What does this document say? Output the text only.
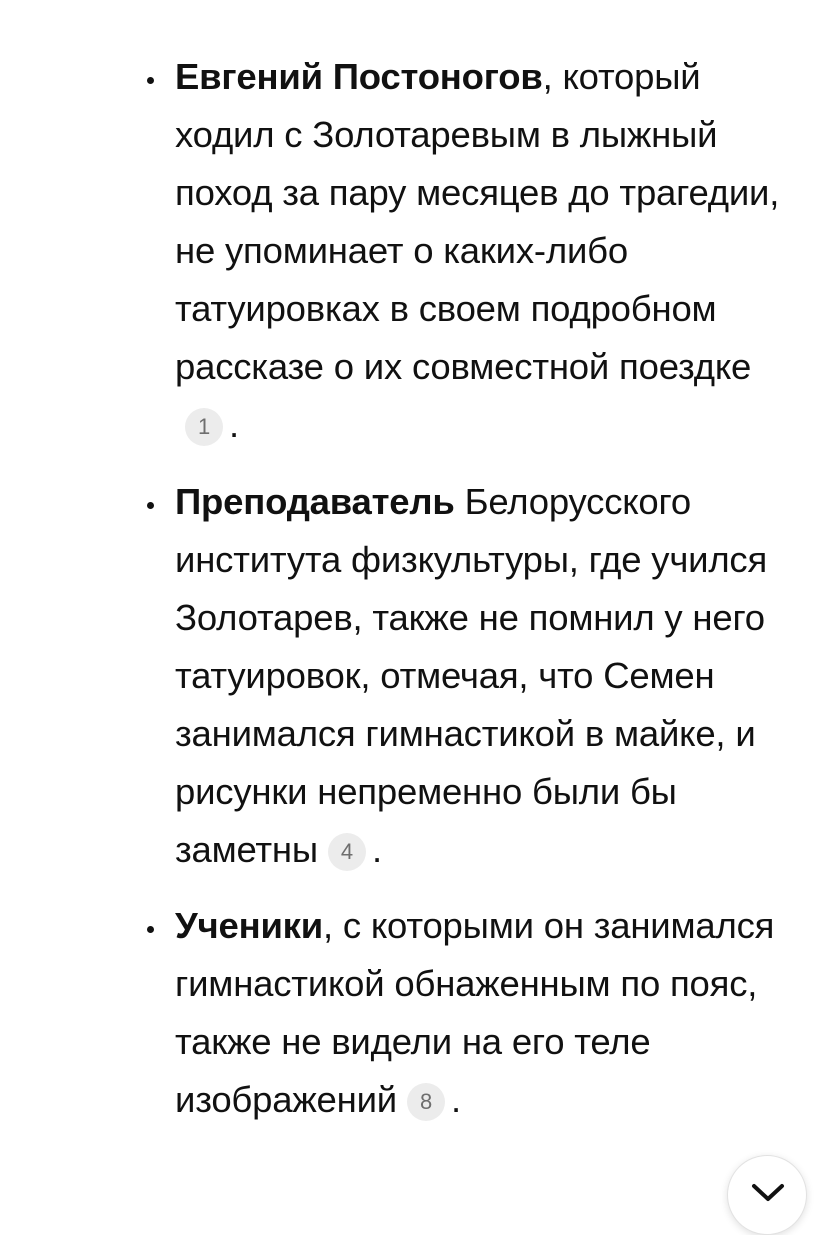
Евгений Постоногов, который ходил с Золотаревым в лыжный поход за пару месяцев до трагедии, не упоминает о каких-либо татуировках в своем подробном рассказе о их совместной поездке1 .
Преподаватель Белорусского института физкультуры, где учился Золотарев, также не помнил у него татуировок, отмечая, что Семен занимался гимнастикой в майке, и рисунки непременно были бы заметны 4 .
Ученики, с которыми он занимался гимнастикой обнаженным по пояс, также не видели на его теле изображений 8 .
